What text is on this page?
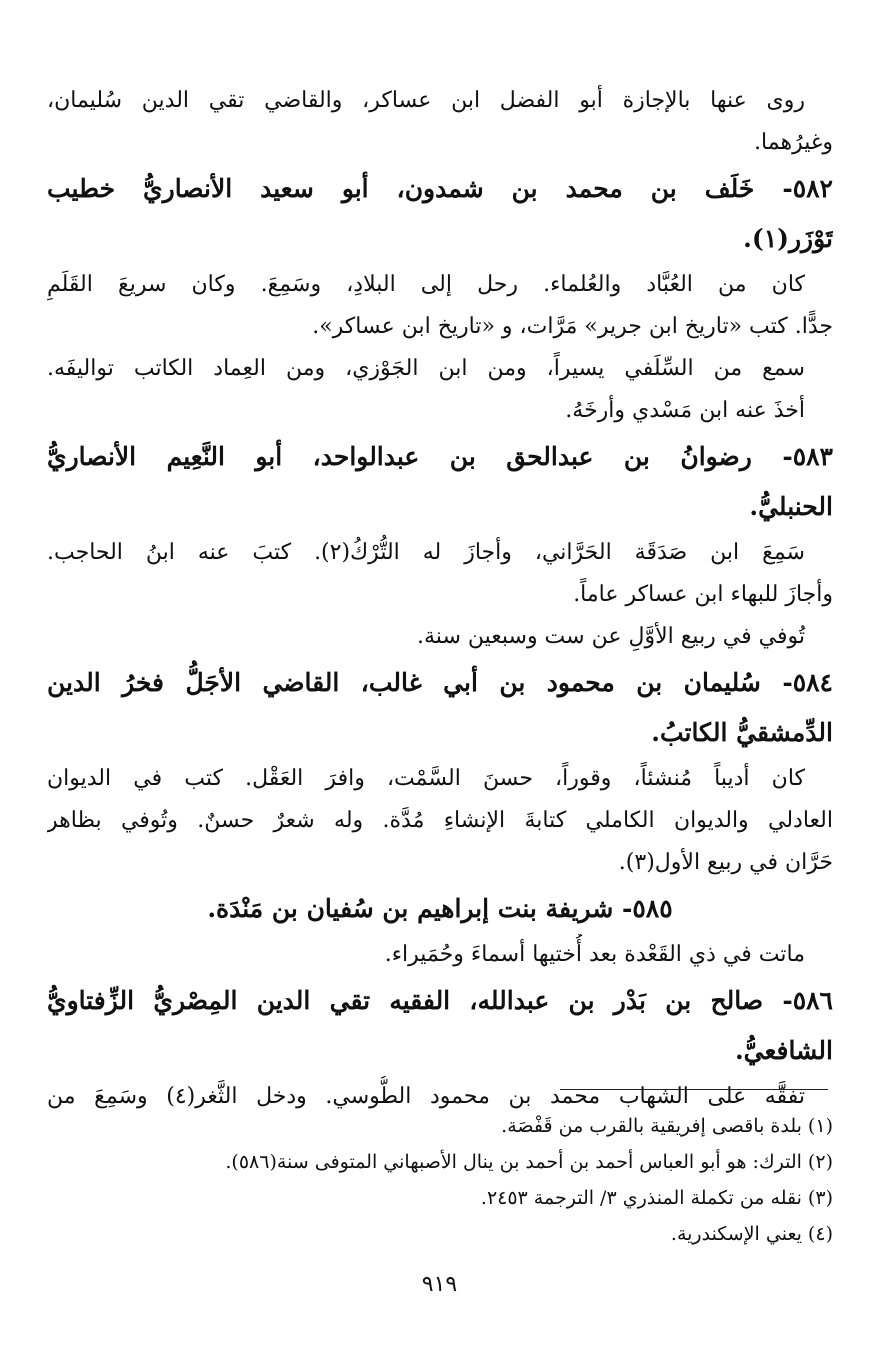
روى عنها بالإجازة أبو الفضل ابن عساكر، والقاضي تقي الدين سُليمان،
وغيرُهما.
٥٨٢- خَلَف بن محمد بن شمدون، أبو سعيد الأنصاريُّ خطيب
تَوْزَر(١).
كان من العُبَّاد والعُلماء. رحل إلى البلادِ، وسَمِعَ. وكان سريعَ القَلَمِ
جدًّا. كتب «تاريخ ابن جرير» مَرَّات، و «تاريخ ابن عساكر».
سمع من السِّلَفي يسيراً، ومن ابن الجَوْزي، ومن العِماد الكاتب تواليفَه.
أخذَ عنه ابن مَسْدي وأرخَهُ.
٥٨٣- رضوانُ بن عبدالحق بن عبدالواحد، أبو النَّعِيم الأنصاريُّ
الحنبليُّ.
سَمِعَ ابن صَدَقَة الحَرَّاني، وأجازَ له التُّرْكُ(٢). كتبَ عنه ابنُ الحاجب.
وأجازَ للبهاء ابن عساكر عاماً.
تُوفي في ربيع الأوَّلِ عن ست وسبعين سنة.
٥٨٤- سُليمان بن محمود بن أبي غالب، القاضي الأجَلُّ فخرُ الدين
الدِّمشقيُّ الكاتبُ.
كان أديباً مُنشئاً، وقوراً، حسنَ السَّمْت، وافرَ العَقْل. كتب في الديوان
العادلي والديوان الكاملي كتابةَ الإنشاءِ مُدَّة. وله شعرٌ حسنٌ. وتُوفي بظاهر
حَرَّان في ربيع الأول(٣).
٥٨٥- شريفة بنت إبراهيم بن سُفيان بن مَنْدَة.
ماتت في ذي القَعْدة بعد أُختيها أسماءَ وحُمَيراء.
٥٨٦- صالح بن بَدْر بن عبدالله، الفقيه تقي الدين المِصْريُّ الزِّفتاويُّ
الشافعيُّ.
تفقَّه على الشهاب محمد بن محمود الطُّوسي. ودخل الثَّغر(٤) وسَمِعَ من
(١) بلدة باقصى إفريقية بالقرب من قَفْصَة.
(٢) الترك: هو أبو العباس أحمد بن أحمد بن ينال الأصبهاني المتوفى سنة(٥٨٦).
(٣) نقله من تكملة المنذري ٣/ الترجمة ٢٤٥٣.
(٤) يعني الإسكندرية.
٩١٩
